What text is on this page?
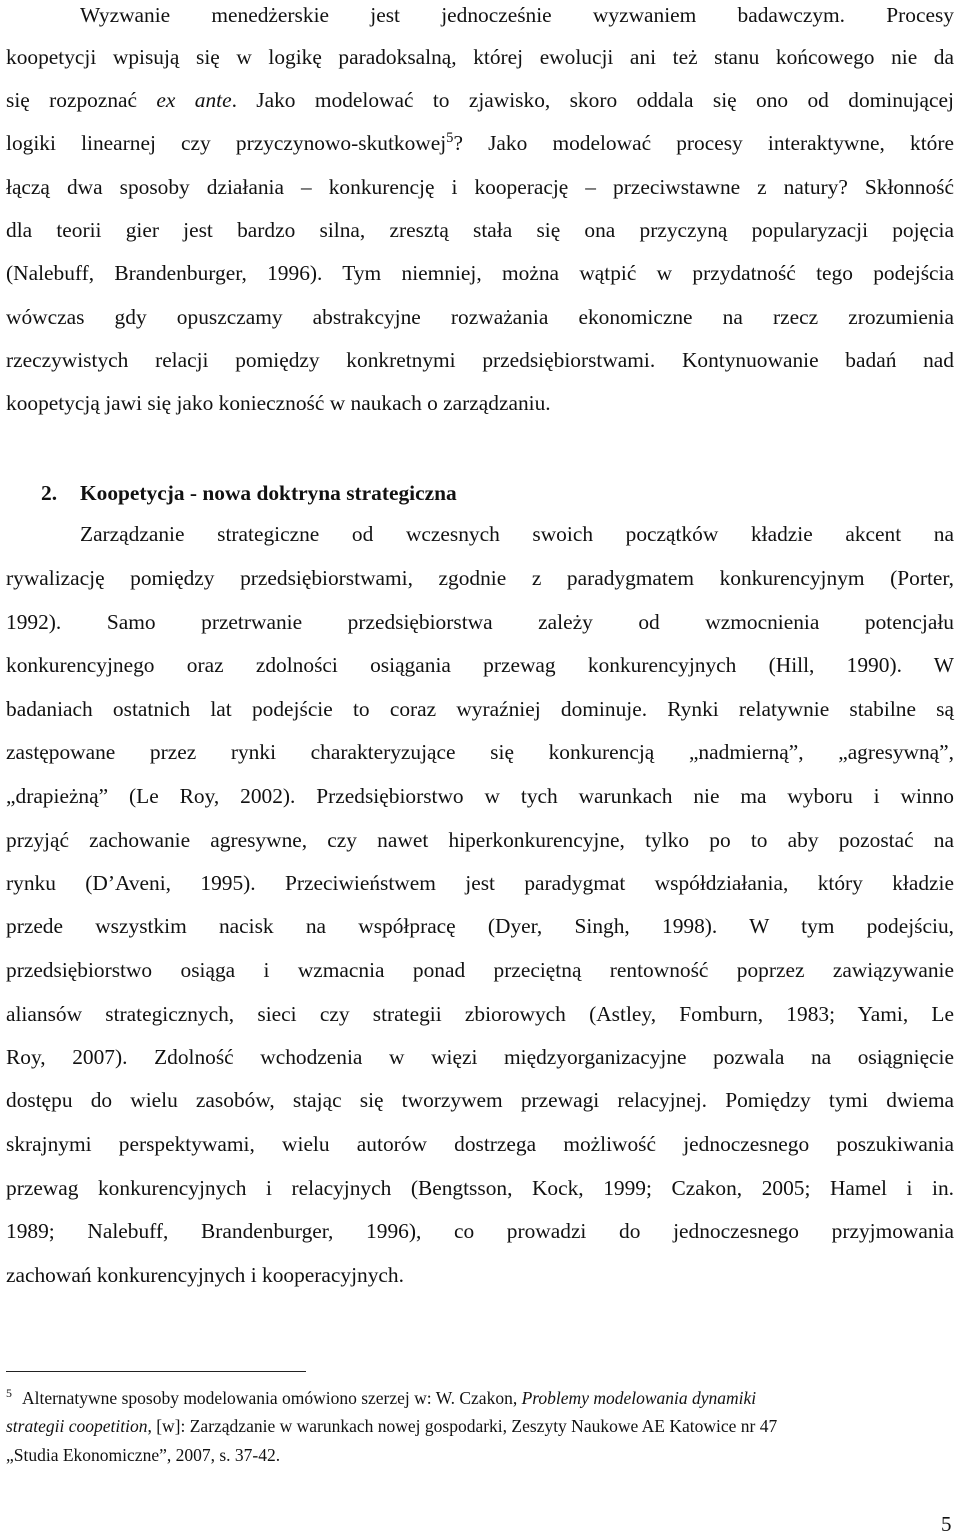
Wyzwanie menedżerskie jest jednocześnie wyzwaniem badawczym. Procesy
koopetycji wpisują się w logikę paradoksalną, której ewolucji ani też stanu końcowego nie da
się rozpoznać ex ante. Jako modelować to zjawisko, skoro oddala się ono od dominującej
logiki linearnej czy przyczynowo-skutkowej$^5$? Jako modelować procesy interaktywne, które
łączą dwa sposoby działania – konkurencję i kooperację – przeciwstawne z natury? Skłonność
dla teorii gier jest bardzo silna, zresztą stała się ona przyczyną popularyzacji pojęcia
(Nalebuff, Brandenburger, 1996). Tym niemniej, można wątpić w przydatność tego podejścia
wówczas gdy opuszczamy abstrakcyjne rozważania ekonomiczne na rzecz zrozumienia
rzeczywistych relacji pomiędzy konkretnymi przedsiębiorstwami. Kontynuowanie badań nad
koopetycją jawi się jako konieczność w naukach o zarządzaniu.
2. Koopetycja - nowa doktryna strategiczna
Zarządzanie strategiczne od wczesnych swoich początków kładzie akcent na
rywalizację pomiędzy przedsiębiorstwami, zgodnie z paradygmatem konkurencyjnym (Porter,
1992). Samo przetrwanie przedsiębiorstwa zależy od wzmocnienia potencjału
konkurencyjnego oraz zdolności osiągania przewag konkurencyjnych (Hill, 1990). W
badaniach ostatnich lat podejście to coraz wyraźniej dominuje. Rynki relatywnie stabilne są
zastępowane przez rynki charakteryzujące się konkurencją „nadmierną”, „agresywną”,
„drapieżną” (Le Roy, 2002). Przedsiębiorstwo w tych warunkach nie ma wyboru i winno
przyjąć zachowanie agresywne, czy nawet hiperkonkurencyjne, tylko po to aby pozostać na
rynku (D’Aveni, 1995). Przeciwieństwem jest paradygmat współdziałania, który kładzie
przede wszystkim nacisk na współpracę (Dyer, Singh, 1998). W tym podejściu,
przedsiębiorstwo osiąga i wzmacnia ponad przeciętną rentowność poprzez zawiązywanie
aliansów strategicznych, sieci czy strategii zbiorowych (Astley, Fomburn, 1983; Yami, Le
Roy, 2007). Zdolność wchodzenia w więzi międzyorganizacyjne pozwala na osiągnięcie
dostępu do wielu zasobów, stając się tworzywem przewagi relacyjnej. Pomiędzy tymi dwiema
skrajnymi perspektywami, wielu autorów dostrzega możliwość jednoczesnego poszukiwania
przewag konkurencyjnych i relacyjnych (Bengtsson, Kock, 1999; Czakon, 2005; Hamel i in.
1989; Nalebuff, Brandenburger, 1996), co prowadzi do jednoczesnego przyjmowania
zachowań konkurencyjnych i kooperacyjnych.
$^5$ Alternatywne sposoby modelowania omówiono szerzej w: W. Czakon, Problemy modelowania dynamiki
strategii coopetition, [w]: Zarządzanie w warunkach nowej gospodarki, Zeszyty Naukowe AE Katowice nr 47
„Studia Ekonomiczne”, 2007, s. 37-42.
5
